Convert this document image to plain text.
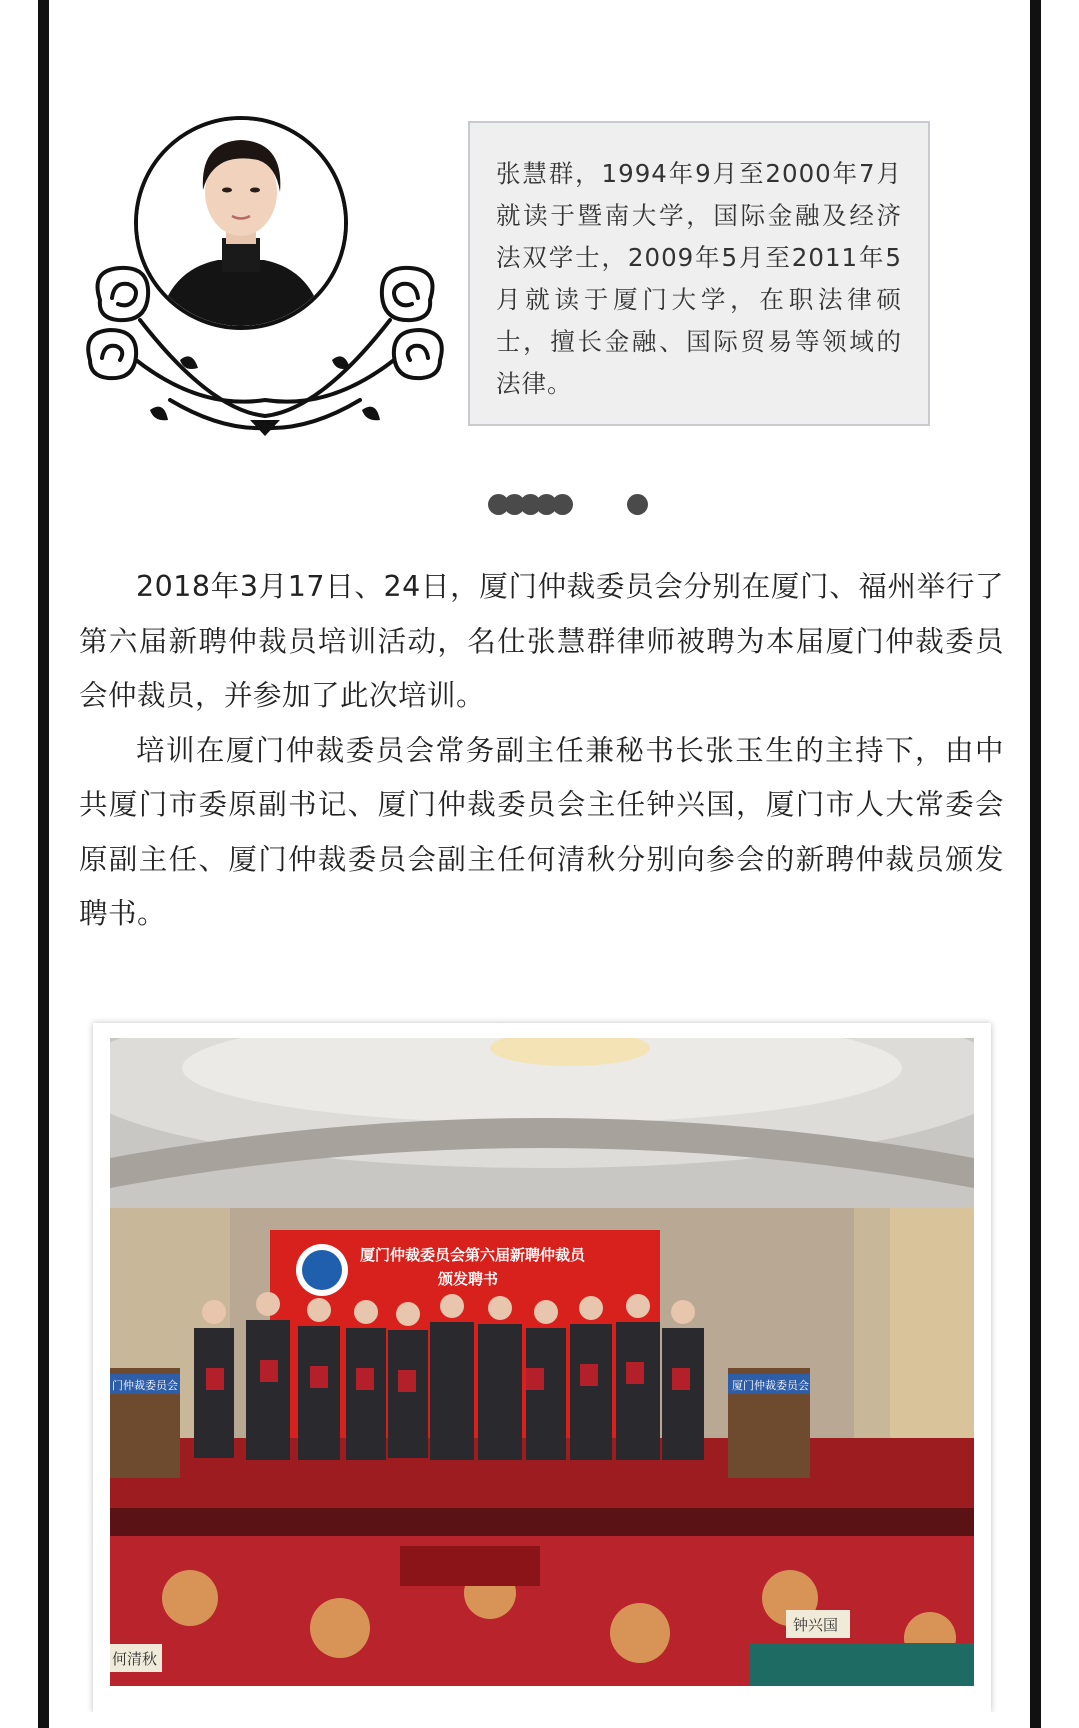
张慧群，1994年9月至2000年7月就读于暨南大学，国际金融及经济法双学士，2009年5月至2011年5月就读于厦门大学，在职法律硕士，擅长金融、国际贸易等领域的法律。

2018年3月17日、24日，厦门仲裁委员会分别在厦门、福州举行了第六届新聘仲裁员培训活动，名仕张慧群律师被聘为本届厦门仲裁委员会仲裁员，并参加了此次培训。

培训在厦门仲裁委员会常务副主任兼秘书长张玉生的主持下，由中共厦门市委原副书记、厦门仲裁委员会主任钟兴国，厦门市人大常委会原副主任、厦门仲裁委员会副主任何清秋分别向参会的新聘仲裁员颁发聘书。

厦门仲裁委员会第六届新聘仲裁员
颁发聘书
门仲裁委员会	厦门仲裁委员会
钟兴国
何清秋
